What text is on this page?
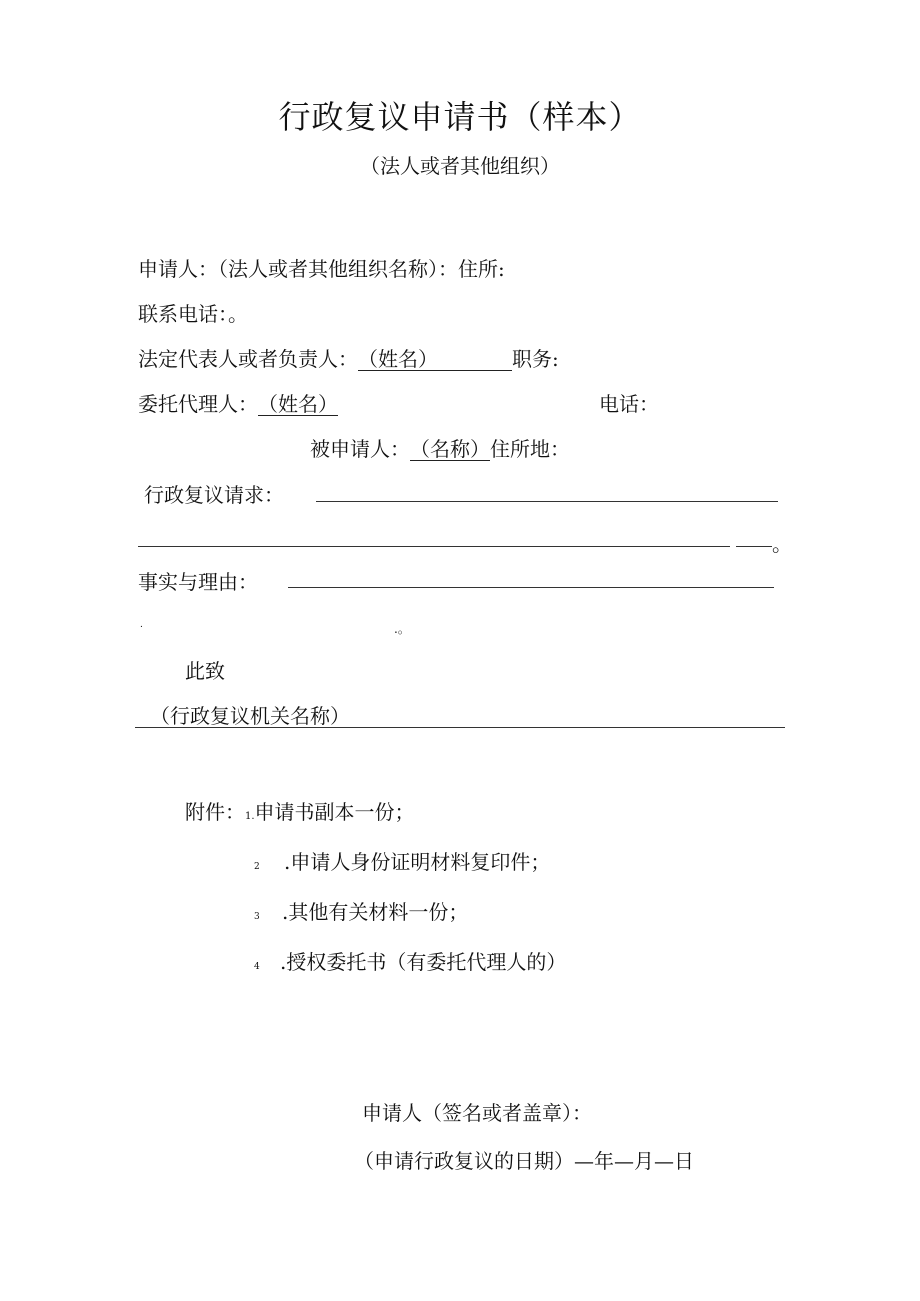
行政复议申请书（样本）
（法人或者其他组织）
申请人：（法人或者其他组织名称）：住所:
联系电话：。
法定代表人或者负责人：（姓名）	职务:
委托代理人：（姓名）	电话：
被申请人：（名称）住所地：
行政复议请求：
。
事实与理由：
.	.。
此致
（行政复议机关名称）
附件：1.申请书副本一份；
2 .申请人身份证明材料复印件；
3 .其他有关材料一份；
4 .授权委托书（有委托代理人的）
申请人（签名或者盖章）：
（申请行政复议的日期）—年—月—日
